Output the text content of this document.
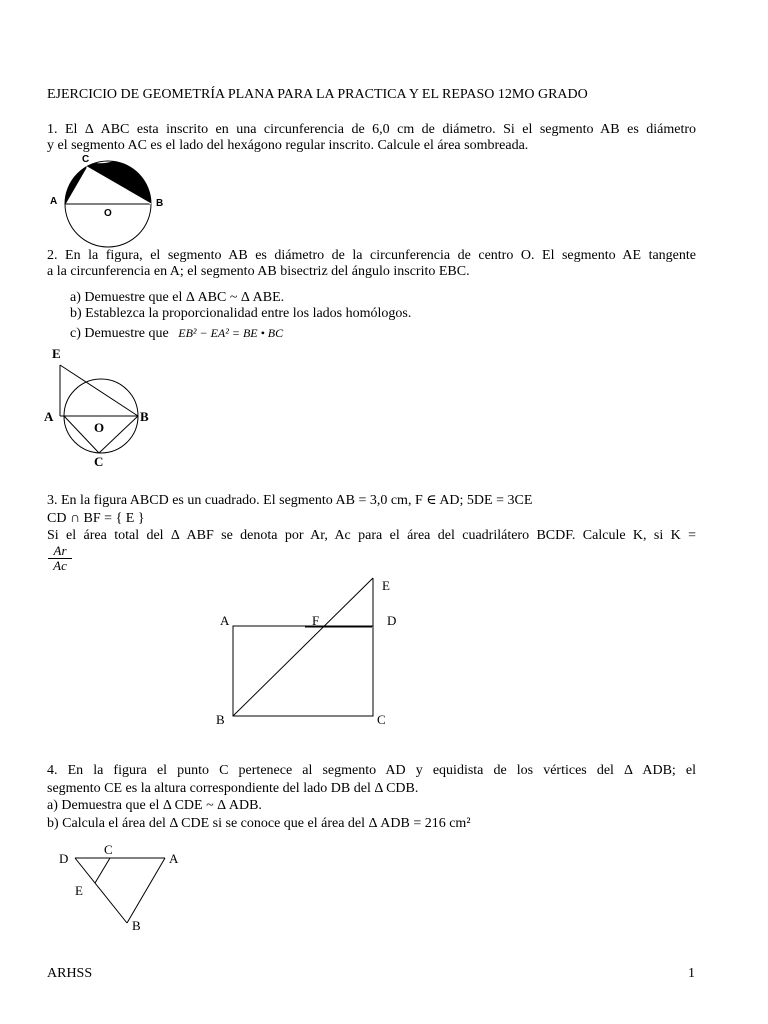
EJERCICIO DE GEOMETRÍA PLANA PARA LA PRACTICA Y EL REPASO 12MO GRADO
1. El Δ ABC esta inscrito en una circunferencia de 6,0 cm de diámetro. Si el segmento AB es diámetro
y el segmento AC es el lado del hexágono regular inscrito. Calcule el área sombreada.
C
A	B
O
2. En la figura, el segmento AB es diámetro de la circunferencia de centro O. El segmento AE tangente
a la circunferencia en A; el segmento AB bisectriz del ángulo inscrito EBC.
a) Demuestre que el Δ ABC ~ Δ ABE.
b) Establezca la proporcionalidad entre los lados homólogos.
c) Demuestre que EB² − EA² = BE • BC
E
A	B
O
C
3. En la figura ABCD es un cuadrado. El segmento AB = 3,0 cm, F ∈ AD; 5DE = 3CE
CD ∩ BF = { E }
Si el área total del Δ ABF se denota por Ar, Ac para el área del cuadrilátero BCDF. Calcule K, si K =
$\frac{Ar}{Ac}$
E
A	F	D
B	C
4. En la figura el punto C pertenece al segmento AD y equidista de los vértices del Δ ADB; el
segmento CE es la altura correspondiente del lado DB del Δ CDB.
a) Demuestra que el Δ CDE ~ Δ ADB.
b) Calcula el área del Δ CDE si se conoce que el área del Δ ADB = 216 cm²
D
C
A
E
B
ARHSS	1
